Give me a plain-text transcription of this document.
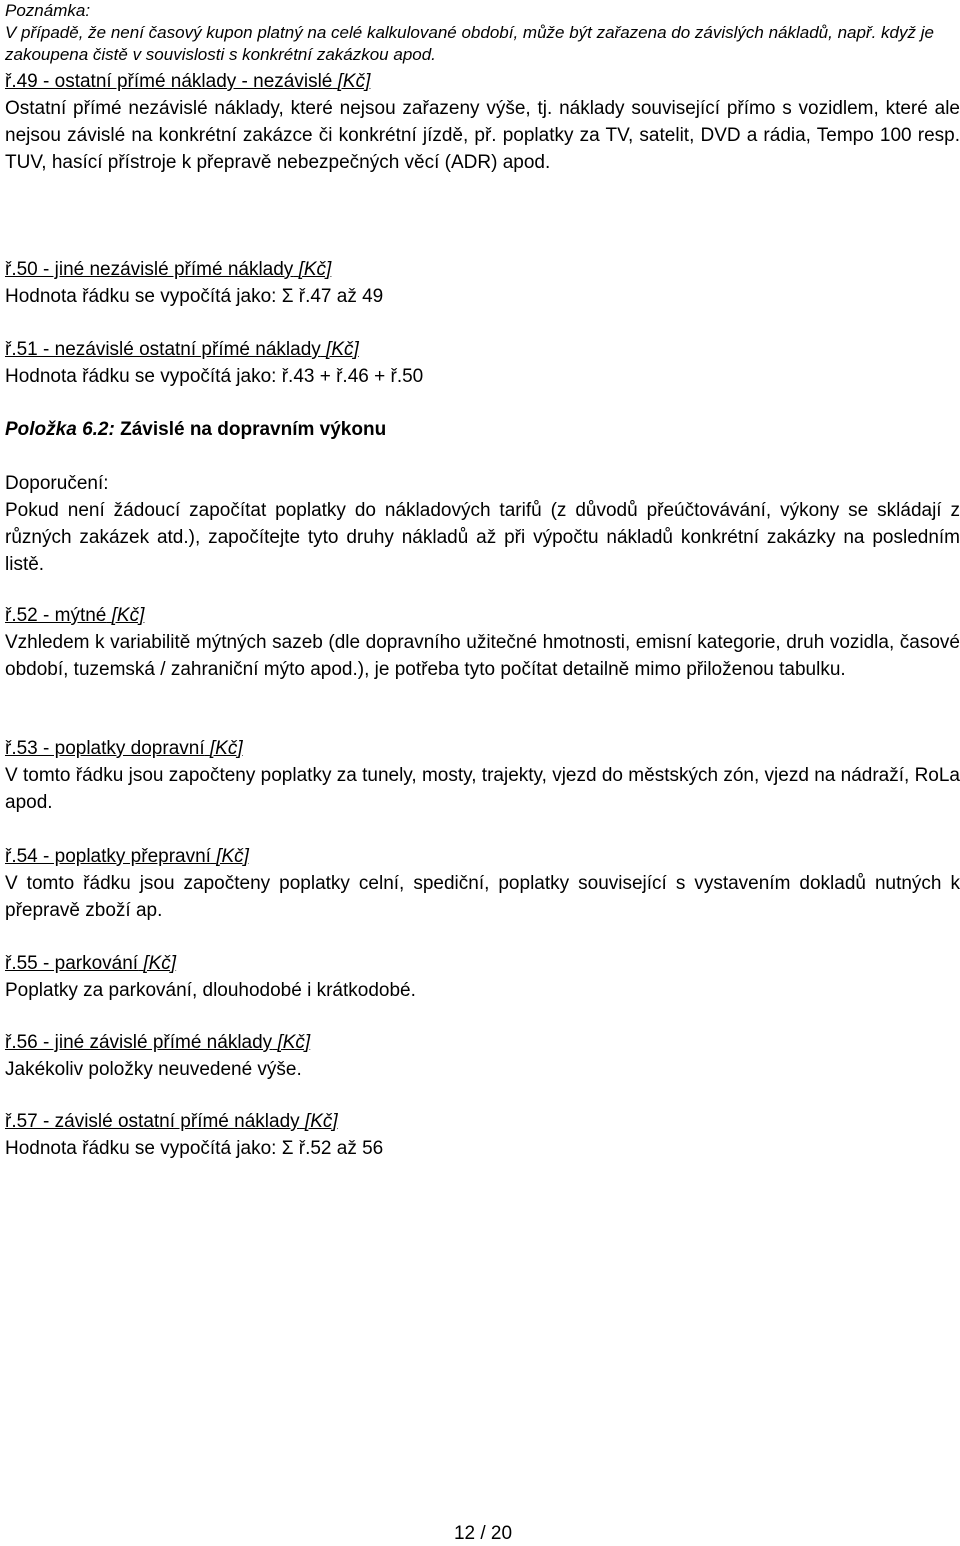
Poznámka:
V případě, že není časový kupon platný na celé kalkulované období, může být zařazena do závislých nákladů, např. když je zakoupena čistě v souvislosti s konkrétní zakázkou apod.
ř.49 - ostatní přímé náklady - nezávislé [Kč]
Ostatní přímé nezávislé náklady, které nejsou zařazeny výše, tj. náklady související přímo s vozidlem, které ale nejsou závislé na konkrétní zakázce či konkrétní jízdě, př. poplatky za TV, satelit, DVD a rádia, Tempo 100 resp. TUV, hasící přístroje k přepravě nebezpečných věcí (ADR) apod.
ř.50 - jiné nezávislé přímé náklady [Kč]
Hodnota řádku se vypočítá jako: Σ ř.47 až 49
ř.51 - nezávislé ostatní přímé náklady [Kč]
Hodnota řádku se vypočítá jako: ř.43 + ř.46 + ř.50
Položka 6.2: Závislé na dopravním výkonu
Doporučení:
Pokud není žádoucí započítat poplatky do nákladových tarifů (z důvodů přeúčtovávání, výkony se skládají z různých zakázek atd.), započítejte tyto druhy nákladů až při výpočtu nákladů konkrétní zakázky na posledním listě.
ř.52 - mýtné [Kč]
Vzhledem k variabilitě mýtných sazeb (dle dopravního užitečné hmotnosti, emisní kategorie, druh vozidla, časové období, tuzemská / zahraniční mýto apod.), je potřeba tyto počítat detailně mimo přiloženou tabulku.
ř.53 - poplatky dopravní [Kč]
V tomto řádku jsou započteny poplatky za tunely, mosty, trajekty, vjezd do městských zón, vjezd na nádraží, RoLa apod.
ř.54 - poplatky přepravní [Kč]
V tomto řádku jsou započteny poplatky celní, spediční, poplatky související s vystavením dokladů nutných k přepravě zboží ap.
ř.55 - parkování [Kč]
Poplatky za parkování, dlouhodobé i krátkodobé.
ř.56 - jiné závislé přímé náklady [Kč]
Jakékoliv položky neuvedené výše.
ř.57 - závislé ostatní přímé náklady [Kč]
Hodnota řádku se vypočítá jako: Σ ř.52 až 56
12 / 20
